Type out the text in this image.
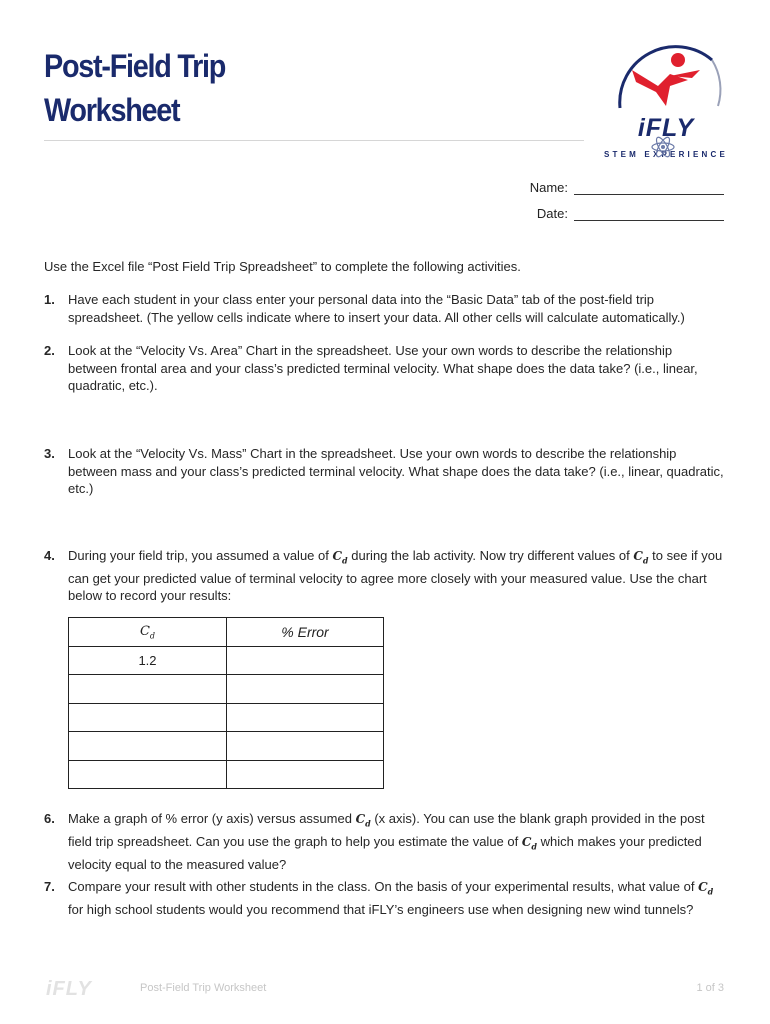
Post-Field Trip
Worksheet	iFLY
STEM EXPERIENCE
Name:
Date:
Use the Excel file “Post Field Trip Spreadsheet” to complete the following activities.
1. Have each student in your class enter your personal data into the “Basic Data” tab of the post-field trip spreadsheet. (The yellow cells indicate where to insert your data. All other cells will calculate automatically.)
2. Look at the “Velocity Vs. Area” Chart in the spreadsheet. Use your own words to describe the relationship between frontal area and your class’s predicted terminal velocity. What shape does the data take? (i.e., linear, quadratic, etc.).
3. Look at the “Velocity Vs. Mass” Chart in the spreadsheet. Use your own words to describe the relationship between mass and your class’s predicted terminal velocity. What shape does the data take? (i.e., linear, quadratic, etc.)
4. During your field trip, you assumed a value of $C_d$ during the lab activity. Now try different values of $C_d$ to see if you can get your predicted value of terminal velocity to agree more closely with your measured value. Use the chart below to record your results:
$C_d$	% Error
1.2	

6. Make a graph of % error (y axis) versus assumed $C_d$ (x axis). You can use the blank graph provided in the post field trip spreadsheet. Can you use the graph to help you estimate the value of $C_d$ which makes your predicted velocity equal to the measured value?
7. Compare your result with other students in the class. On the basis of your experimental results, what value of $C_d$ for high school students would you recommend that iFLY’s engineers use when designing new wind tunnels?
iFLY	Post-Field Trip Worksheet	1 of 3
